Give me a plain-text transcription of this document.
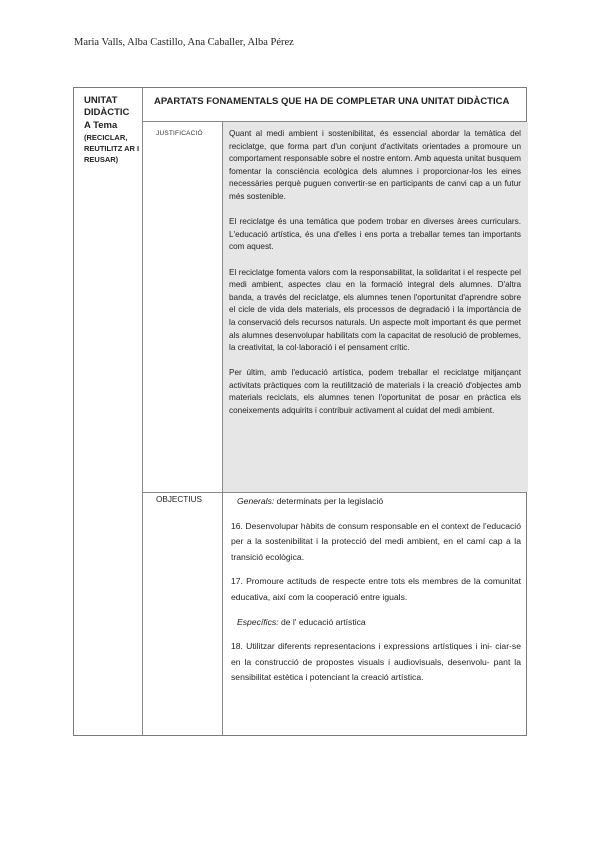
Maria Valls, Alba Castillo, Ana Caballer, Alba Pérez
UNITAT DIDÀCTIC
A Tema
(RECICLAR, REUTILITZ AR I REUSAR)
APARTATS FONAMENTALS QUE HA DE COMPLETAR UNA UNITAT DIDÀCTICA
JUSTIFICACIÓ	Quant al medi ambient i sostenibilitat, és essencial abordar la temàtica del reciclatge, que forma part d'un conjunt d'activitats orientades a promoure un comportament responsable sobre el nostre entorn. Amb aquesta unitat busquem fomentar la consciència ecològica dels alumnes i proporcionar-los les eines necessàries perquè puguen convertir-se en participants de canvi cap a un futur més sostenible.

El reciclatge és una temàtica que podem trobar en diverses àrees curriculars. L'educació artística, és una d'elles i ens porta a treballar temes tan importants com aquest.

El reciclatge fomenta valors com la responsabilitat, la solidaritat i el respecte pel medi ambient, aspectes clau en la formació integral dels alumnes. D'altra banda, a través del reciclatge, els alumnes tenen l'oportunitat d'aprendre sobre el cicle de vida dels materials, els processos de degradació i la importància de la conservació dels recursos naturals. Un aspecte molt important és que permet als alumnes desenvolupar habilitats com la capacitat de resolució de problemes, la creativitat, la col·laboració i el pensament crític.

Per últim, amb l'educació artística, podem treballar el reciclatge mitjançant activitats pràctiques com la reutilització de materials i la creació d'objectes amb materials reciclats, els alumnes tenen l'oportunitat de posar en pràctica els coneixements adquirits i contribuir activament al cuidat del medi ambient.

OBJECTIUS	Generals: determinats per la legislació

16. Desenvolupar hàbits de consum responsable en el context de l'educació per a la sostenibilitat i la protecció del medi ambient, en el camí cap a la transició ecològica.

17. Promoure actituds de respecte entre tots els membres de la comunitat educativa, així com la cooperació entre iguals.

Específics: de l' educació artística

18. Utilitzar diferents representacions i expressions artístiques i ini- ciar-se en la construcció de propostes visuals i audiovisuals, desenvolu- pant la sensibilitat estètica i potenciant la creació artística.
